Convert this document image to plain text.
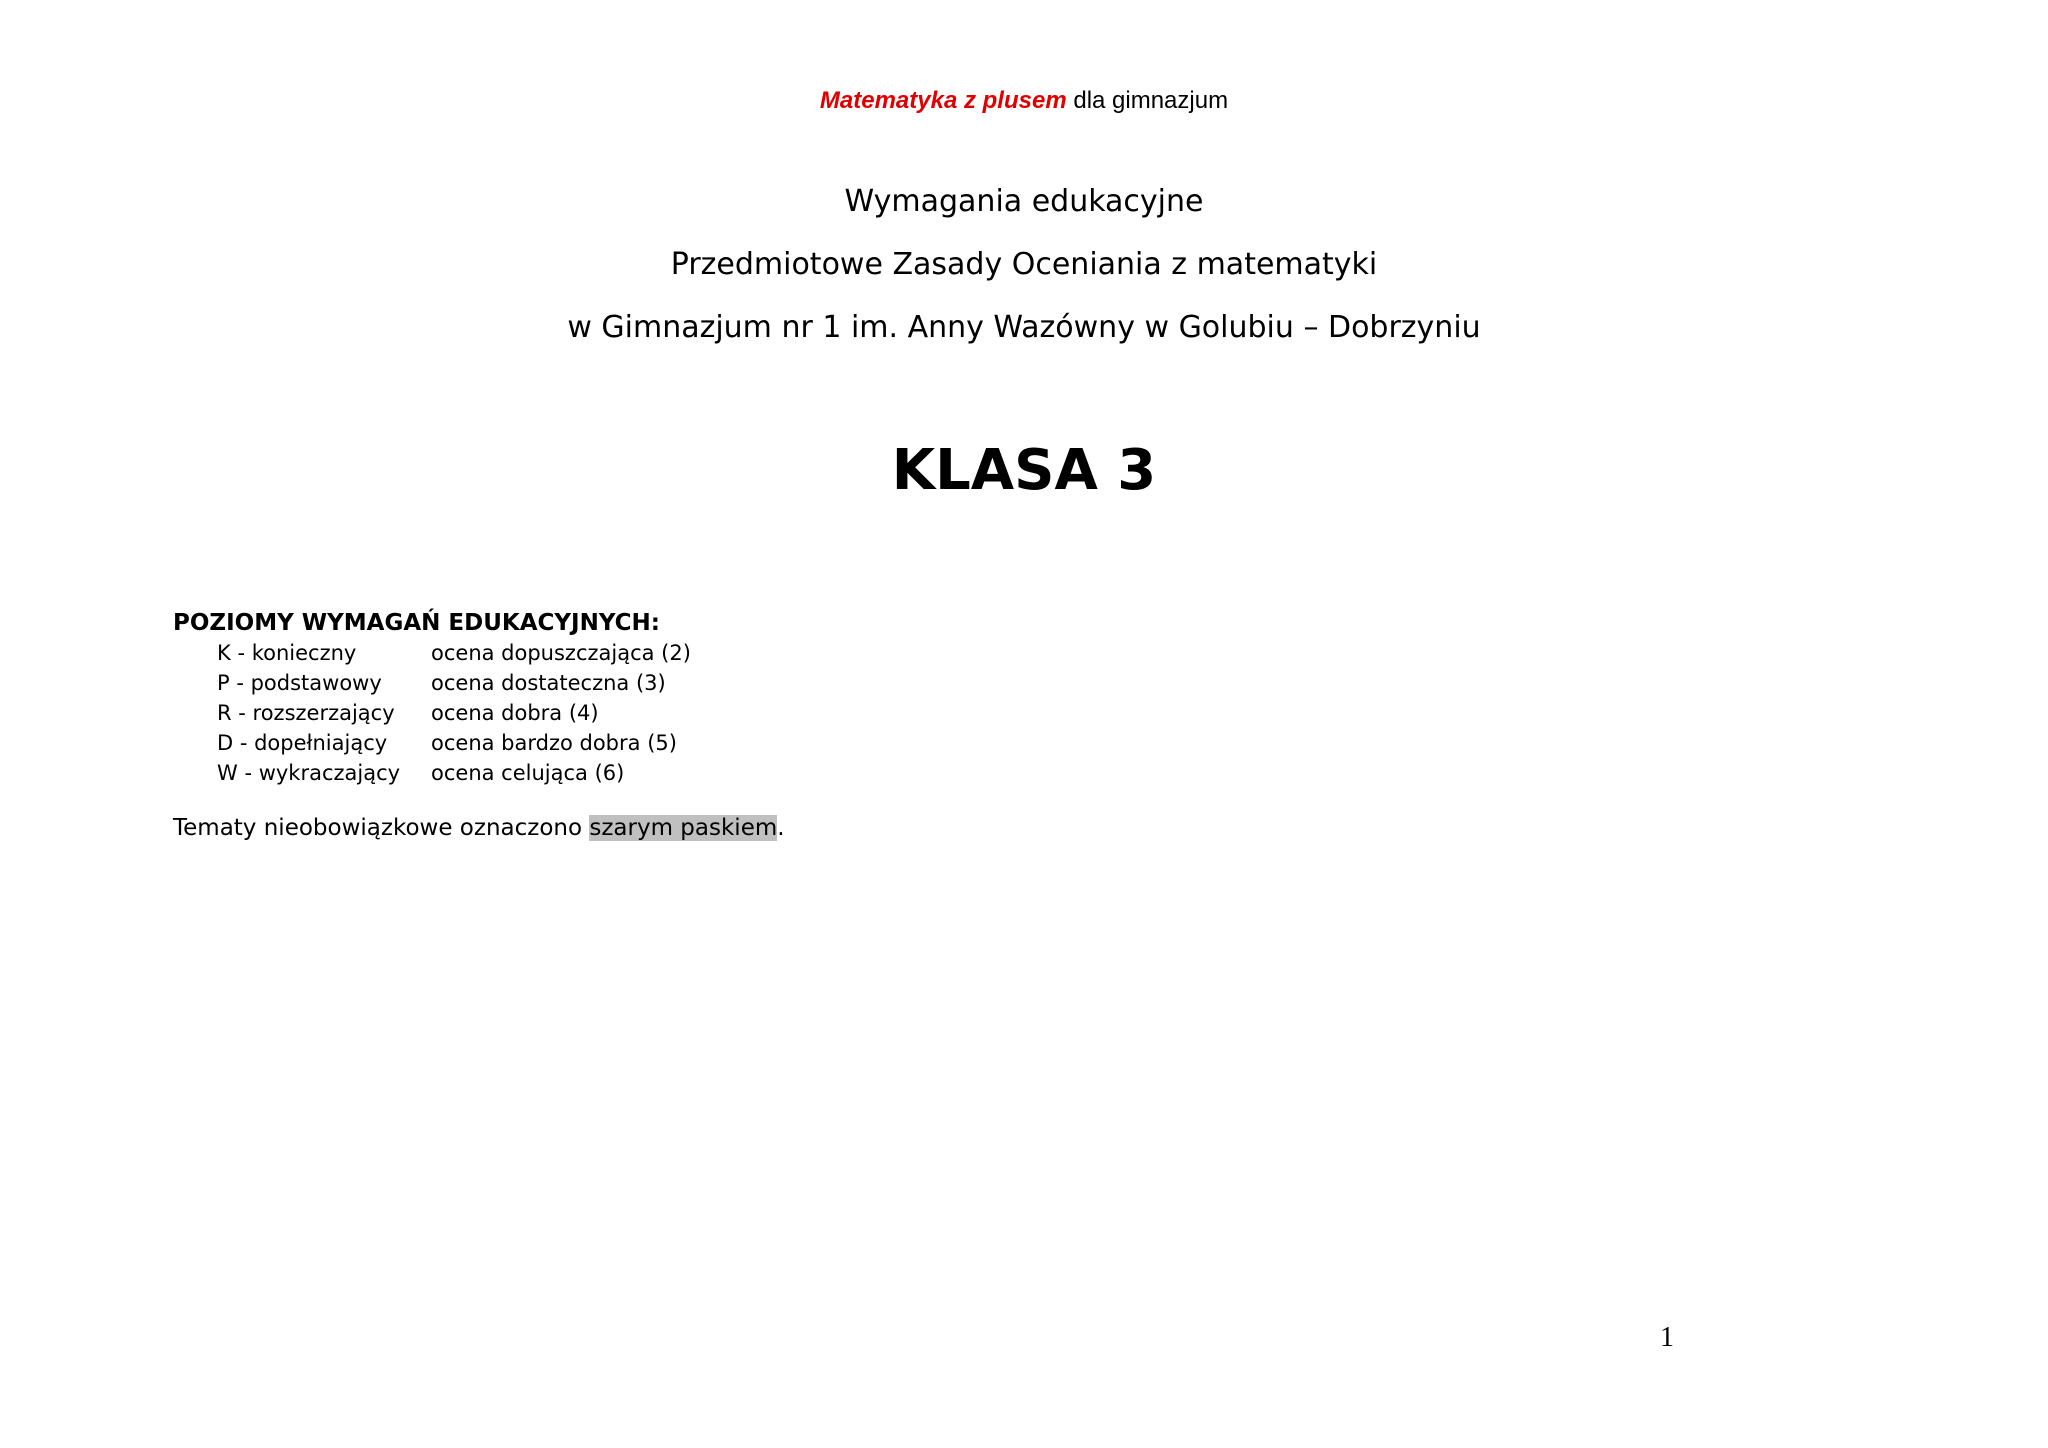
Matematyka z plusem dla gimnazjum
Wymagania edukacyjne
Przedmiotowe Zasady Oceniania z matematyki
w Gimnazjum nr 1 im. Anny Wazówny w Golubiu – Dobrzyniu
KLASA 3
POZIOMY WYMAGAŃ EDUKACYJNYCH:
K - konieczny	ocena dopuszczająca (2)
P - podstawowy	ocena dostateczna (3)
R - rozszerzający	ocena dobra (4)
D - dopełniający	ocena bardzo dobra (5)
W - wykraczający	ocena celująca (6)
Tematy nieobowiązkowe oznaczono szarym paskiem.
1
